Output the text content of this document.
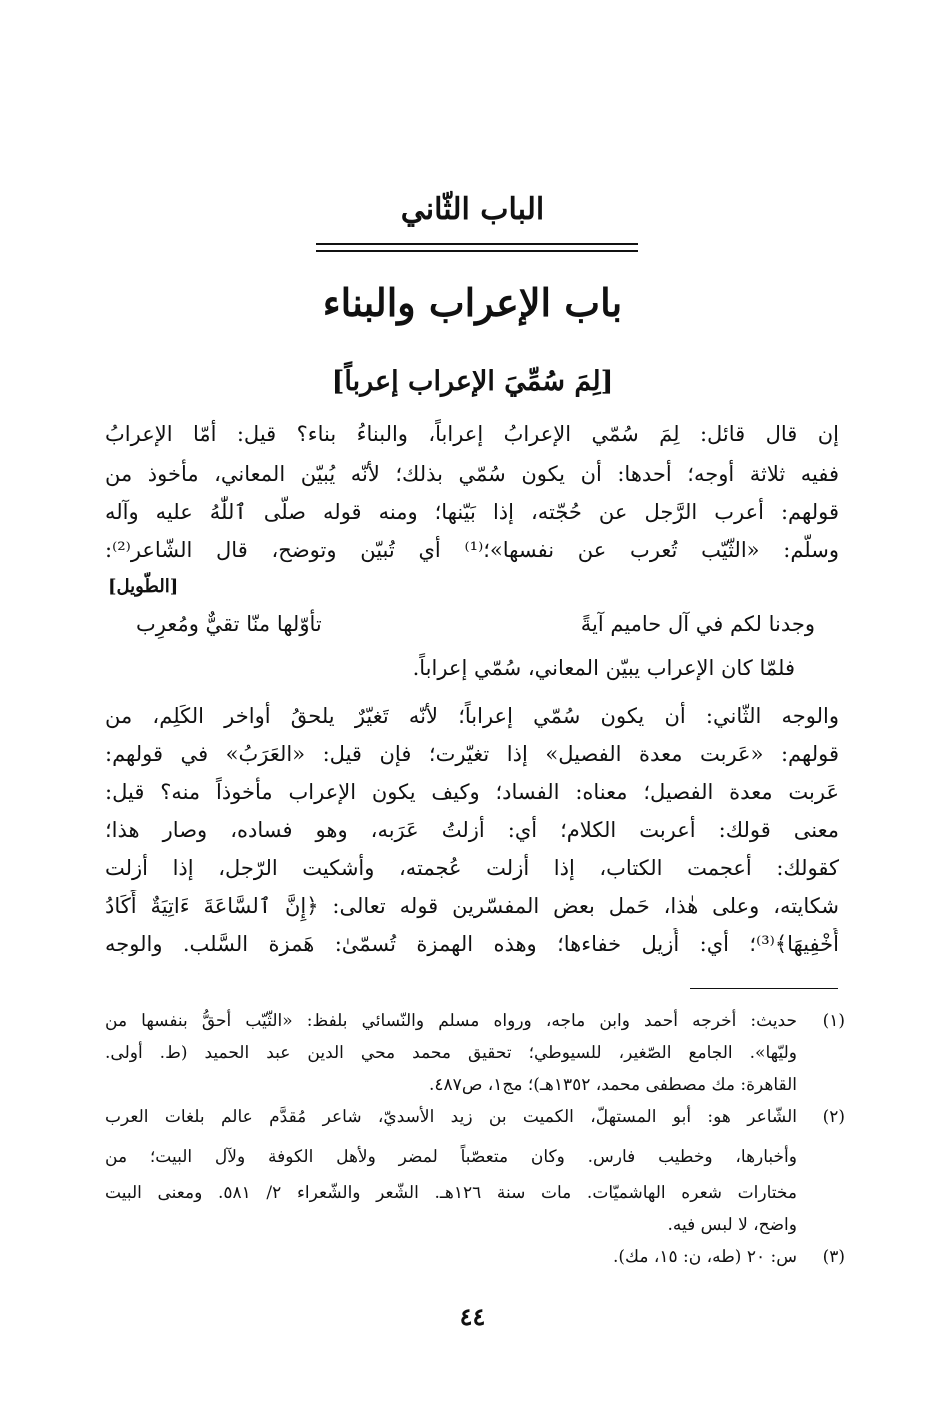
الباب الثّاني
باب الإعراب والبناء
[لِمَ سُمِّيَ الإعراب إعرباً]
إن قال قائل: لِمَ سُمّي الإعرابُ إعراباً، والبناءُ بناء؟ قيل: أمّا الإعرابُ
ففيه ثلاثة أوجه؛ أحدها: أن يكون سُمّي بذلك؛ لأنّه يُبيّن المعاني، مأخوذ من
قولهم: أعرب الرَّجل عن حُجّته، إذا بَيّنها؛ ومنه قوله صلّى ٱللّٰهُ عليه وآله
وسلّم: «الثّيّب تُعرب عن نفسها»؛⁽¹⁾ أي تُبيّن وتوضح، قال الشّاعر⁽²⁾:
[الطّويل]
وجدنا لكم في آل حاميم آيةً
تأوّلها منّا تقيٌّ ومُعرِب
فلمّا كان الإعراب يبيّن المعاني، سُمّي إعراباً.
والوجه الثّاني: أن يكون سُمّي إعراباً؛ لأنّه تَغيّرٌ يلحقُ أواخر الكَلِم، من
قولهم: «عَربت معدة الفصيل» إذا تغيّرت؛ فإن قيل: «العَرَبُ» في قولهم:
عَربت معدة الفصيل؛ معناه: الفساد؛ وكيف يكون الإعراب مأخوذاً منه؟ قيل:
معنى قولك: أعربت الكلام؛ أي: أزلتُ عَرَبه، وهو فساده، وصار هذا؛
كقولك: أعجمت الكتاب، إذا أزلت عُجمته، وأشكيت الرّجل، إذا أزلت
شكايته، وعلى هٰذا، حَمل بعض المفسّرين قوله تعالى: ﴿إِنَّ ٱلسَّاعَةَ ءَاتِيَةٌ أَكَادُ
أُخْفِيهَا﴾⁽³⁾؛ أي: أُزيل خفاءها؛ وهذه الهمزة تُسمّىٰ: هَمزة السَّلب. والوجه
(١)
حديث: أخرجه أحمد وابن ماجه، ورواه مسلم والنّسائي بلفظ: «الثّيّب أحقُّ بنفسها من
وليّها». الجامع الصّغير، للسيوطي؛ تحقيق محمد محي الدين عبد الحميد (ط. أولى.
القاهرة: مك مصطفى محمد، ١٣٥٢هـ)؛ مج١، ص٤٨٧.
(٢)
الشّاعر هو: أبو المستهلّ، الكميت بن زيد الأسديّ، شاعر مُقدَّم عالم بلغات العرب
وأخبارها، وخطيب فارس. وكان متعصّباً لمضر ولأهل الكوفة ولآل البيت؛ من
مختارات شعره الهاشميّات. مات سنة ١٢٦هـ. الشّعر والشّعراء ٢/ ٥٨١. ومعنى البيت
واضح، لا لبس فيه.
(٣)
س: ٢٠ (طه، ن: ١٥، مك).
٤٤
